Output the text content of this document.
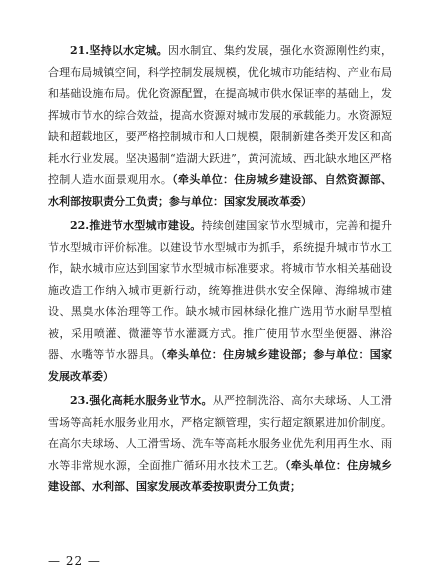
21.坚持以水定城。因水制宜、集约发展，强化水资源刚性约束，合理布局城镇空间，科学控制发展规模，优化城市功能结构、产业布局和基础设施布局。优化资源配置，在提高城市供水保证率的基础上，发挥城市节水的综合效益，提高水资源对城市发展的承载能力。水资源短缺和超载地区，要严格控制城市和人口规模，限制新建各类开发区和高耗水行业发展。坚决遏制“造湖大跃进”，黄河流域、西北缺水地区严格控制人造水面景观用水。（牵头单位：住房城乡建设部、自然资源部、水利部按职责分工负责；参与单位：国家发展改革委）

22.推进节水型城市建设。持续创建国家节水型城市，完善和提升节水型城市评价标准。以建设节水型城市为抓手，系统提升城市节水工作，缺水城市应达到国家节水型城市标准要求。将城市节水相关基础设施改造工作纳入城市更新行动，统筹推进供水安全保障、海绵城市建设、黑臭水体治理等工作。缺水城市园林绿化推广选用节水耐旱型植被，采用喷灌、微灌等节水灌溉方式。推广使用节水型坐便器、淋浴器、水嘴等节水器具。（牵头单位：住房城乡建设部；参与单位：国家发展改革委）

23.强化高耗水服务业节水。从严控制洗浴、高尔夫球场、人工滑雪场等高耗水服务业用水，严格定额管理，实行超定额累进加价制度。在高尔夫球场、人工滑雪场、洗车等高耗水服务业优先利用再生水、雨水等非常规水源，全面推广循环用水技术工艺。（牵头单位：住房城乡建设部、水利部、国家发展改革委按职责分工负责；

— 22 —
